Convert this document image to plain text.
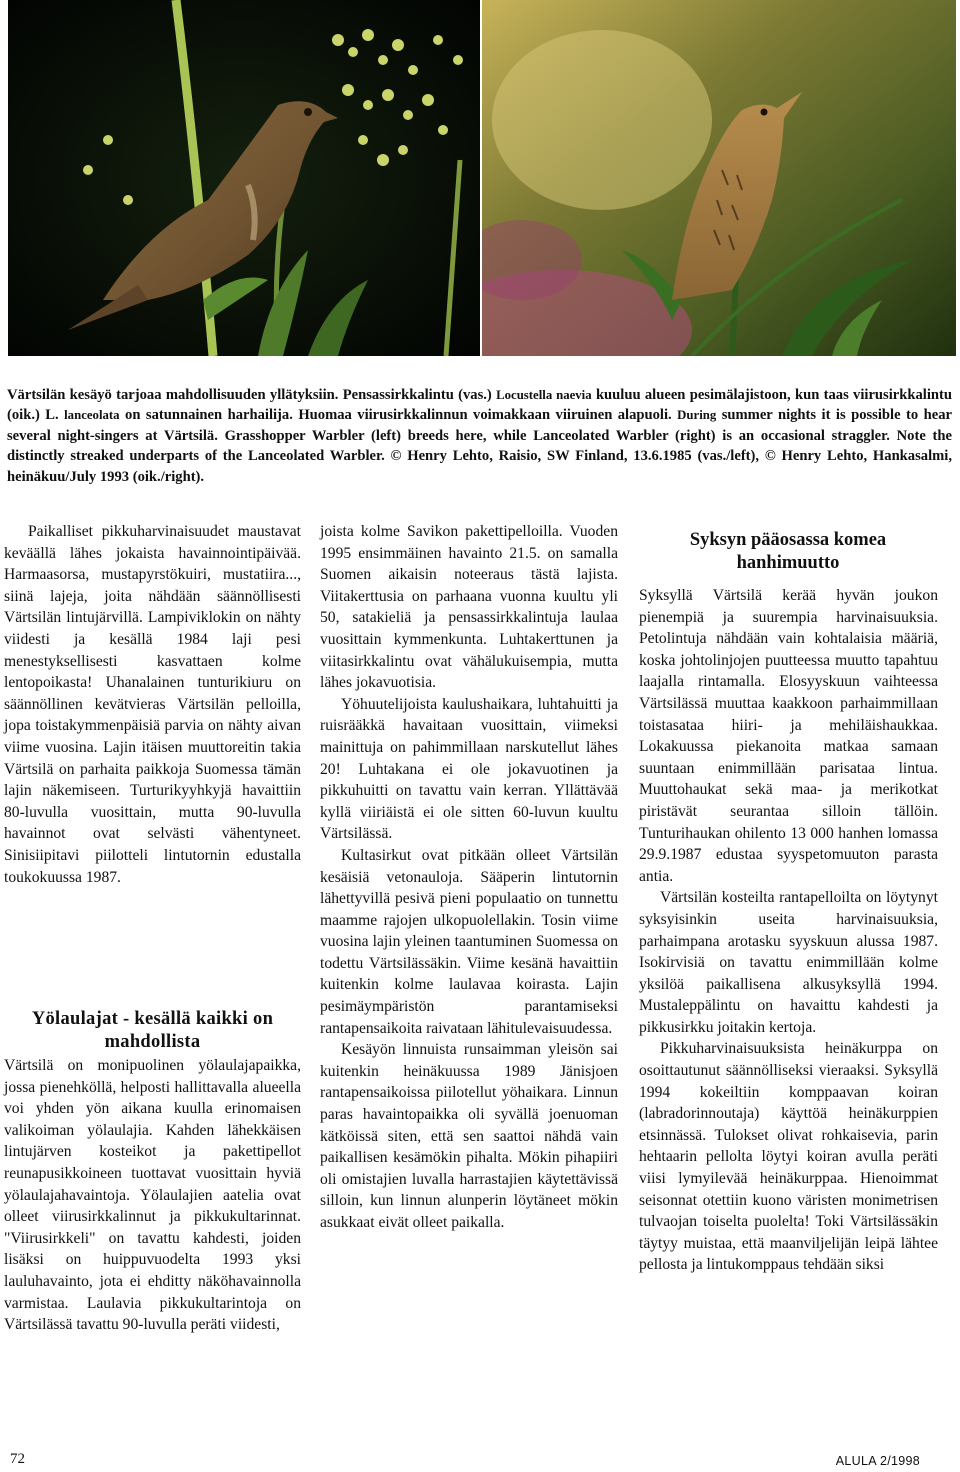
Värtsilän kesäyö tarjoaa mahdollisuuden yllätyksiin. Pensassirkkalintu (vas.) Locustella naevia kuuluu alueen pesimälajistoon, kun taas viirusirkkalintu (oik.) L. lanceolata on satunnainen harhailija. Huomaa viirusirkkalinnun voimakkaan viiruinen alapuoli. During summer nights it is possible to hear several night-singers at Värtsilä. Grasshopper Warbler (left) breeds here, while Lanceolated Warbler (right) is an occasional straggler. Note the distinctly streaked underparts of the Lanceolated Warbler. © Henry Lehto, Raisio, SW Finland, 13.6.1985 (vas./left), © Henry Lehto, Hankasalmi, heinäkuu/July 1993 (oik./right).

Paikalliset pikkuharvinaisuudet maustavat keväällä lähes jokaista havainnointipäivää. Harmaasorsa, mustapyrstökuiri, mustatiira..., siinä lajeja, joita nähdään säännöllisesti Värtsilän lintujärvillä. Lampiviklokin on nähty viidesti ja kesällä 1984 laji pesi menestyksellisesti kasvattaen kolme lentopoikasta! Uhanalainen tunturikiuru on säännöllinen kevätvieras Värtsilän pelloilla, jopa toistakymmenpäisiä parvia on nähty aivan viime vuosina. Lajin itäisen muuttoreitin takia Värtsilä on parhaita paikkoja Suomessa tämän lajin näkemiseen. Turturikyyhkyjä havaittiin 80-luvulla vuosittain, mutta 90-luvulla havainnot ovat selvästi vähentyneet. Sinisiipitavi piilotteli lintutornin edustalla toukokuussa 1987.

Yölaulajat - kesällä kaikki on mahdollista

Värtsilä on monipuolinen yölaulajapaikka, jossa pienehköllä, helposti hallittavalla alueella voi yhden yön aikana kuulla erinomaisen valikoiman yölaulajia. Kahden lähekkäisen lintujärven kosteikot ja pakettipellot reunapusikkoineen tuottavat vuosittain hyviä yölaulajahavaintoja. Yölaulajien aatelia ovat olleet viirusirkkalinnut ja pikkukultarinnat. "Viirusirkkeli" on tavattu kahdesti, joiden lisäksi on huippuvuodelta 1993 yksi lauluhavainto, jota ei ehditty näköhavainnolla varmistaa. Laulavia pikkukultarintoja on Värtsilässä tavattu 90-luvulla peräti viidesti,

joista kolme Savikon pakettipelloilla. Vuoden 1995 ensimmäinen havainto 21.5. on samalla Suomen aikaisin noteeraus tästä lajista. Viitakerttusia on parhaana vuonna kuultu yli 50, satakieliä ja pensassirkkalintuja laulaa vuosittain kymmenkunta. Luhtakerttunen ja viitasirkkalintu ovat vähälukuisempia, mutta lähes jokavuotisia.

Yöhuutelijoista kaulushaikara, luhtahuitti ja ruisrääkkä havaitaan vuosittain, viimeksi mainittuja on pahimmillaan narskutellut lähes 20! Luhtakana ei ole jokavuotinen ja pikkuhuitti on tavattu vain kerran. Yllättävää kyllä viiriäistä ei ole sitten 60-luvun kuultu Värtsilässä.

Kultasirkut ovat pitkään olleet Värtsilän kesäisiä vetonauloja. Sääperin lintutornin lähettyvillä pesivä pieni populaatio on tunnettu maamme rajojen ulkopuolellakin. Tosin viime vuosina lajin yleinen taantuminen Suomessa on todettu Värtsilässäkin. Viime kesänä havaittiin kuitenkin kolme laulavaa koirasta. Lajin pesimäympäristön parantamiseksi rantapensaikoita raivataan lähitulevaisuudessa.

Kesäyön linnuista runsaimman yleisön sai kuitenkin heinäkuussa 1989 Jänisjoen rantapensaikoissa piilotellut yöhaikara. Linnun paras havaintopaikka oli syvällä joenuoman kätköissä siten, että sen saattoi nähdä vain paikallisen kesämökin pihalta. Mökin pihapiiri oli omistajien luvalla harrastajien käytettävissä silloin, kun linnun alunperin löytäneet mökin asukkaat eivät olleet paikalla.

Syksyn pääosassa komea hanhimuutto

Syksyllä Värtsilä kerää hyvän joukon pienempiä ja suurempia harvinaisuuksia. Petolintuja nähdään vain kohtalaisia määriä, koska johtolinjojen puutteessa muutto tapahtuu laajalla rintamalla. Elosyyskuun vaihteessa Värtsilässä muuttaa kaakkoon parhaimmillaan toistasataa hiiri- ja mehiläishaukkaa. Lokakuussa piekanoita matkaa samaan suuntaan enimmillään parisataa lintua. Muuttohaukat sekä maa- ja merikotkat piristävät seurantaa silloin tällöin. Tunturihaukan ohilento 13 000 hanhen lomassa 29.9.1987 edustaa syyspetomuuton parasta antia.

Värtsilän kosteilta rantapelloilta on löytynyt syksyisinkin useita harvinaisuuksia, parhaimpana arotasku syyskuun alussa 1987. Isokirvisiä on tavattu enimmillään kolme yksilöä paikallisena alkusyksyllä 1994. Mustaleppälintu on havaittu kahdesti ja pikkusirkku joitakin kertoja.

Pikkuharvinaisuuksista heinäkurppa on osoittautunut säännölliseksi vieraaksi. Syksyllä 1994 kokeiltiin komppaavan koiran (labradorinnoutaja) käyttöä heinäkurppien etsinnässä. Tulokset olivat rohkaisevia, parin hehtaarin pellolta löytyi koiran avulla peräti viisi lymyilevää heinäkurppaa. Hienoimmat seisonnat otettiin kuono väristen monimetrisen tulvaojan toiselta puolelta! Toki Värtsilässäkin täytyy muistaa, että maanviljelijän leipä lähtee pellosta ja lintukomppaus tehdään siksi

72	ALULA 2/1998
